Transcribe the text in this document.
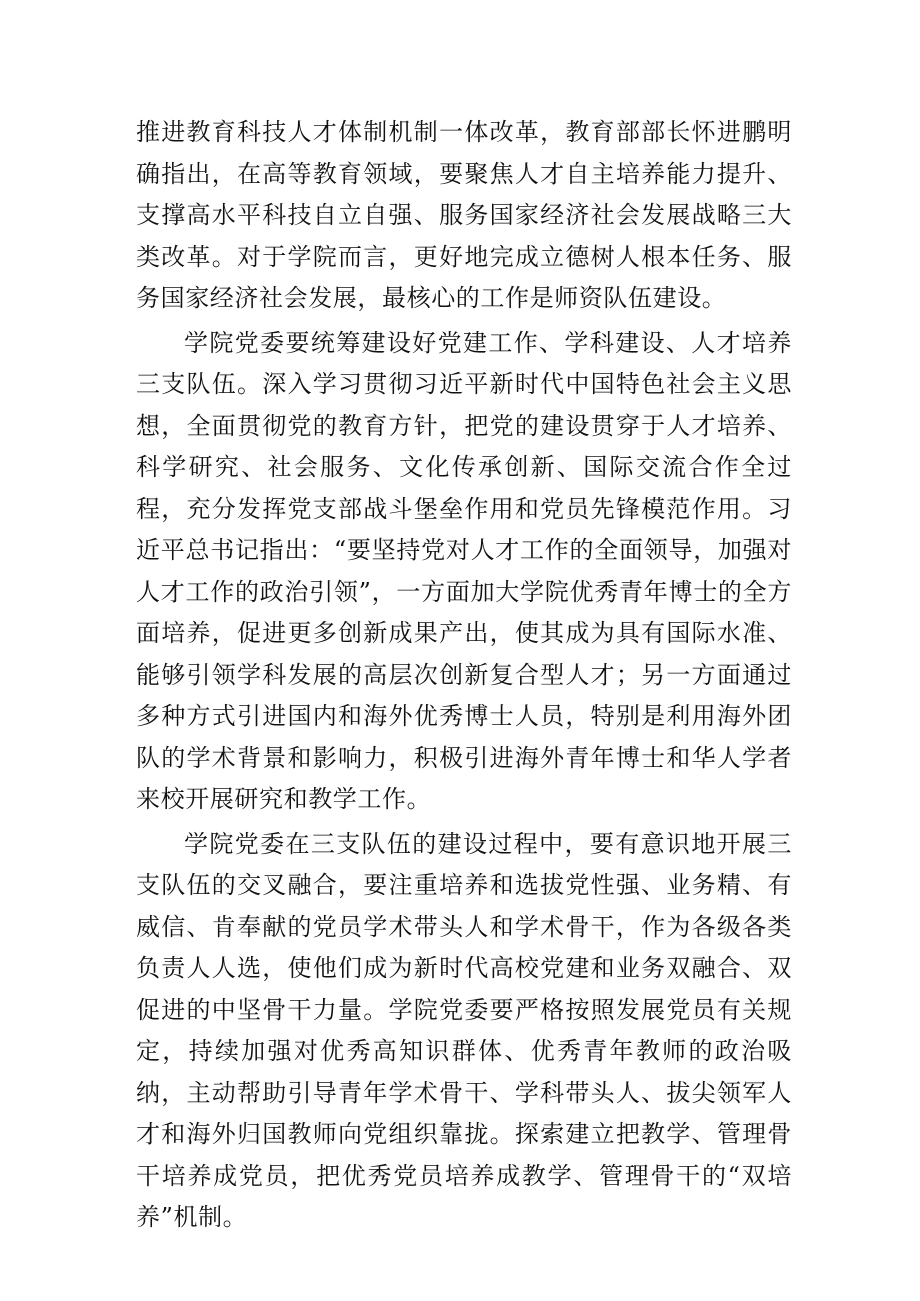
推进教育科技人才体制机制一体改革，教育部部长怀进鹏明确指出，在高等教育领域，要聚焦人才自主培养能力提升、支撑高水平科技自立自强、服务国家经济社会发展战略三大类改革。对于学院而言，更好地完成立德树人根本任务、服务国家经济社会发展，最核心的工作是师资队伍建设。

学院党委要统筹建设好党建工作、学科建设、人才培养三支队伍。深入学习贯彻习近平新时代中国特色社会主义思想，全面贯彻党的教育方针，把党的建设贯穿于人才培养、科学研究、社会服务、文化传承创新、国际交流合作全过程，充分发挥党支部战斗堡垒作用和党员先锋模范作用。习近平总书记指出：“要坚持党对人才工作的全面领导，加强对人才工作的政治引领”，一方面加大学院优秀青年博士的全方面培养，促进更多创新成果产出，使其成为具有国际水准、能够引领学科发展的高层次创新复合型人才；另一方面通过多种方式引进国内和海外优秀博士人员，特别是利用海外团队的学术背景和影响力，积极引进海外青年博士和华人学者来校开展研究和教学工作。

学院党委在三支队伍的建设过程中，要有意识地开展三支队伍的交叉融合，要注重培养和选拔党性强、业务精、有威信、肯奉献的党员学术带头人和学术骨干，作为各级各类负责人人选，使他们成为新时代高校党建和业务双融合、双促进的中坚骨干力量。学院党委要严格按照发展党员有关规定，持续加强对优秀高知识群体、优秀青年教师的政治吸纳，主动帮助引导青年学术骨干、学科带头人、拔尖领军人才和海外归国教师向党组织靠拢。探索建立把教学、管理骨干培养成党员，把优秀党员培养成教学、管理骨干的“双培养”机制。
